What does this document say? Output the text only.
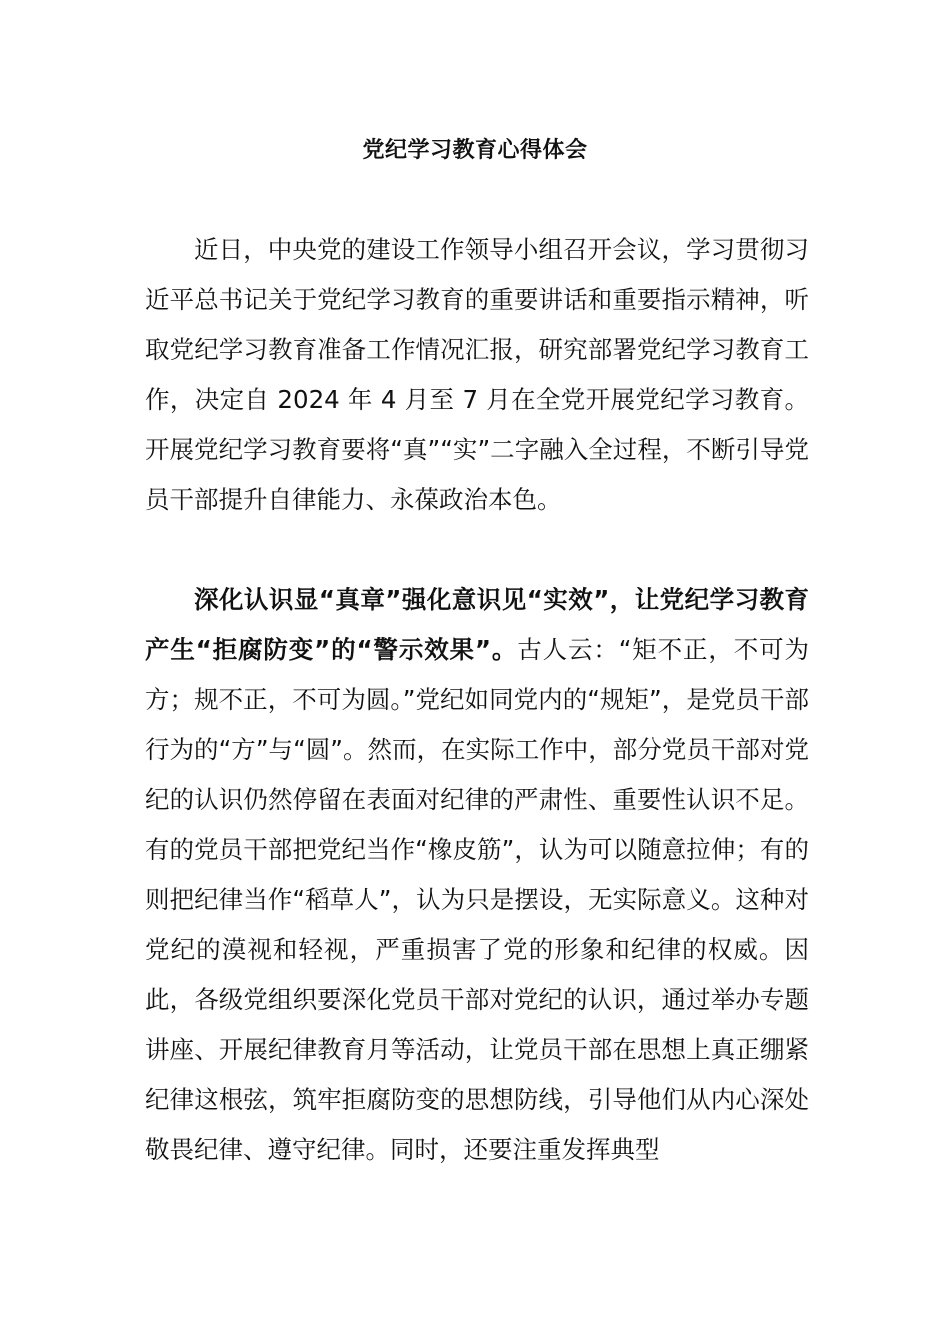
党纪学习教育心得体会

近日，中央党的建设工作领导小组召开会议，学习贯彻习近平总书记关于党纪学习教育的重要讲话和重要指示精神，听取党纪学习教育准备工作情况汇报，研究部署党纪学习教育工作，决定自 2024 年 4 月至 7 月在全党开展党纪学习教育。开展党纪学习教育要将“真”“实”二字融入全过程，不断引导党员干部提升自律能力、永葆政治本色。

深化认识显“真章”强化意识见“实效”，让党纪学习教育产生“拒腐防变”的“警示效果”。古人云：“矩不正，不可为方；规不正，不可为圆。”党纪如同党内的“规矩”，是党员干部行为的“方”与“圆”。然而，在实际工作中，部分党员干部对党纪的认识仍然停留在表面对纪律的严肃性、重要性认识不足。有的党员干部把党纪当作“橡皮筋”，认为可以随意拉伸；有的则把纪律当作“稻草人”，认为只是摆设，无实际意义。这种对党纪的漠视和轻视，严重损害了党的形象和纪律的权威。因此，各级党组织要深化党员干部对党纪的认识，通过举办专题讲座、开展纪律教育月等活动，让党员干部在思想上真正绷紧纪律这根弦，筑牢拒腐防变的思想防线，引导他们从内心深处敬畏纪律、遵守纪律。同时，还要注重发挥典型
